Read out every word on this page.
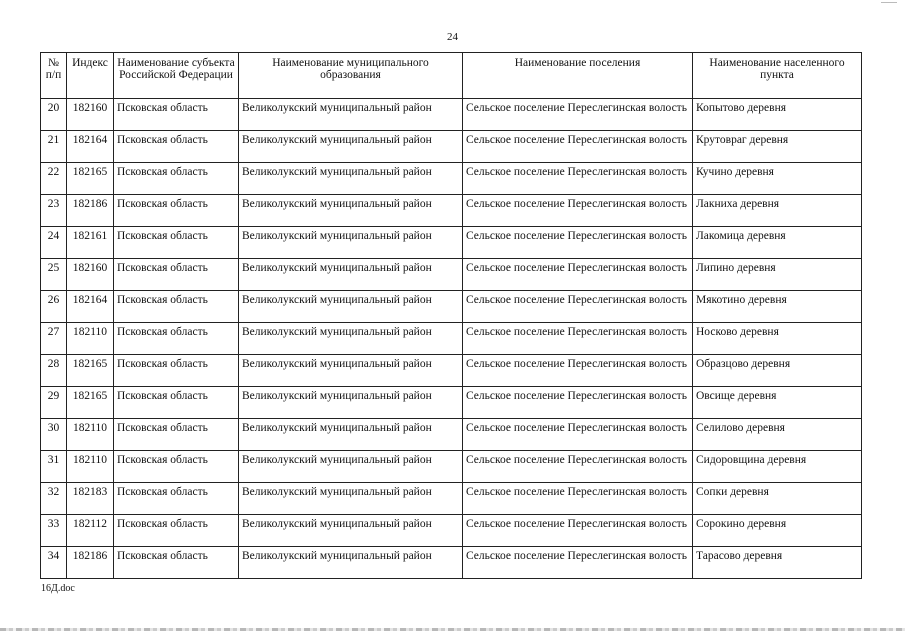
24
№ п/п	Индекс	Наименование субъекта Российской Федерации	Наименование муниципального образования	Наименование поселения	Наименование населенного пункта
20	182160	Псковская область	Великолукский муниципальный район	Сельское поселение Переслегинская волость	Копытово деревня
21	182164	Псковская область	Великолукский муниципальный район	Сельское поселение Переслегинская волость	Крутоврaг деревня
22	182165	Псковская область	Великолукский муниципальный район	Сельское поселение Переслегинская волость	Кучино деревня
23	182186	Псковская область	Великолукский муниципальный район	Сельское поселение Переслегинская волость	Лакниха деревня
24	182161	Псковская область	Великолукский муниципальный район	Сельское поселение Переслегинская волость	Лакомица деревня
25	182160	Псковская область	Великолукский муниципальный район	Сельское поселение Переслегинская волость	Липино деревня
26	182164	Псковская область	Великолукский муниципальный район	Сельское поселение Переслегинская волость	Мякотино деревня
27	182110	Псковская область	Великолукский муниципальный район	Сельское поселение Переслегинская волость	Носково деревня
28	182165	Псковская область	Великолукский муниципальный район	Сельское поселение Переслегинская волость	Образцово деревня
29	182165	Псковская область	Великолукский муниципальный район	Сельское поселение Переслегинская волость	Овсище деревня
30	182110	Псковская область	Великолукский муниципальный район	Сельское поселение Переслегинская волость	Селилово деревня
31	182110	Псковская область	Великолукский муниципальный район	Сельское поселение Переслегинская волость	Сидоровщина деревня
32	182183	Псковская область	Великолукский муниципальный район	Сельское поселение Переслегинская волость	Сопки деревня
33	182112	Псковская область	Великолукский муниципальный район	Сельское поселение Переслегинская волость	Сорокино деревня
34	182186	Псковская область	Великолукский муниципальный район	Сельское поселение Переслегинская волость	Тарасово деревня
16Д.doc
